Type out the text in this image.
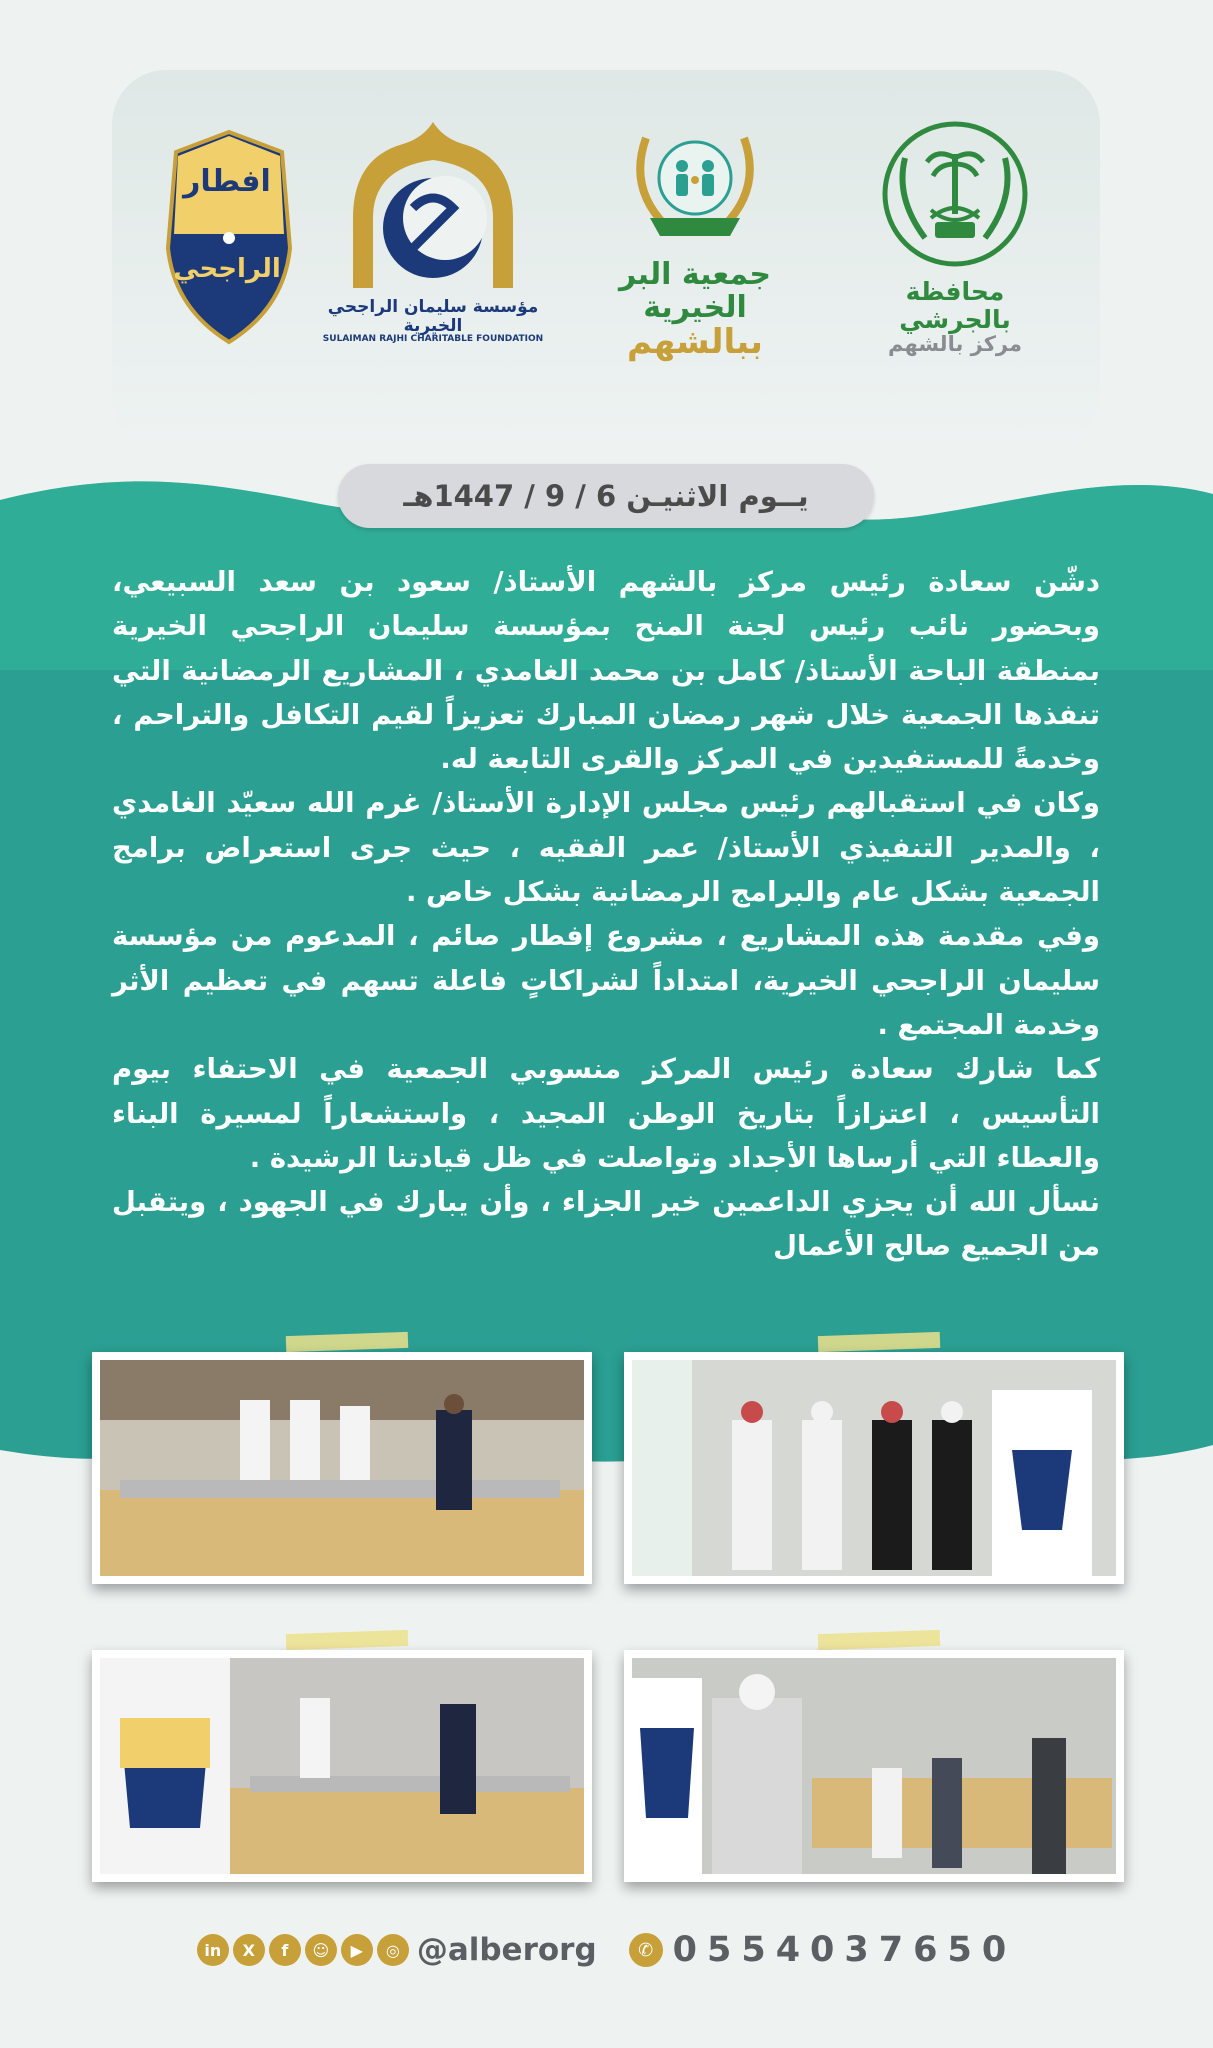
محافظة بالجرشي
مركز بالشهم
جمعية البر الخيرية
ببالشهم
مؤسسة سليمان الراجحي الخيرية
SULAIMAN RAJHI CHARITABLE FOUNDATION
افطار
الراجحي
يــوم الاثنيـن 6 / 9 / 1447هـ

دشّن سعادة رئيس مركز بالشهم الأستاذ/ سعود بن سعد السبيعي، وبحضور نائب رئيس لجنة المنح بمؤسسة سليمان الراجحي الخيرية بمنطقة الباحة الأستاذ/ كامل بن محمد الغامدي ، المشاريع الرمضانية التي تنفذها الجمعية خلال شهر رمضان المبارك تعزيزاً لقيم التكافل والتراحم ، وخدمةً للمستفيدين في المركز والقرى التابعة له.

وكان في استقبالهم رئيس مجلس الإدارة الأستاذ/ غرم الله سعيّد الغامدي ، والمدير التنفيذي الأستاذ/ عمر الفقيه ، حيث جرى استعراض برامج الجمعية بشكل عام والبرامج الرمضانية بشكل خاص .

وفي مقدمة هذه المشاريع ، مشروع إفطار صائم ، المدعوم من مؤسسة سليمان الراجحي الخيرية، امتداداً لشراكاتٍ فاعلة تسهم في تعظيم الأثر وخدمة المجتمع .

كما شارك سعادة رئيس المركز منسوبي الجمعية في الاحتفاء بيوم التأسيس ، اعتزازاً بتاريخ الوطن المجيد ، واستشعاراً لمسيرة البناء والعطاء التي أرساها الأجداد وتواصلت في ظل قيادتنا الرشيدة .

نسأل الله أن يجزي الداعمين خير الجزاء ، وأن يبارك في الجهود ، ويتقبل من الجميع صالح الأعمال

in	X	f	☺	▶	◎ @alberorg	✆ 0554037650
